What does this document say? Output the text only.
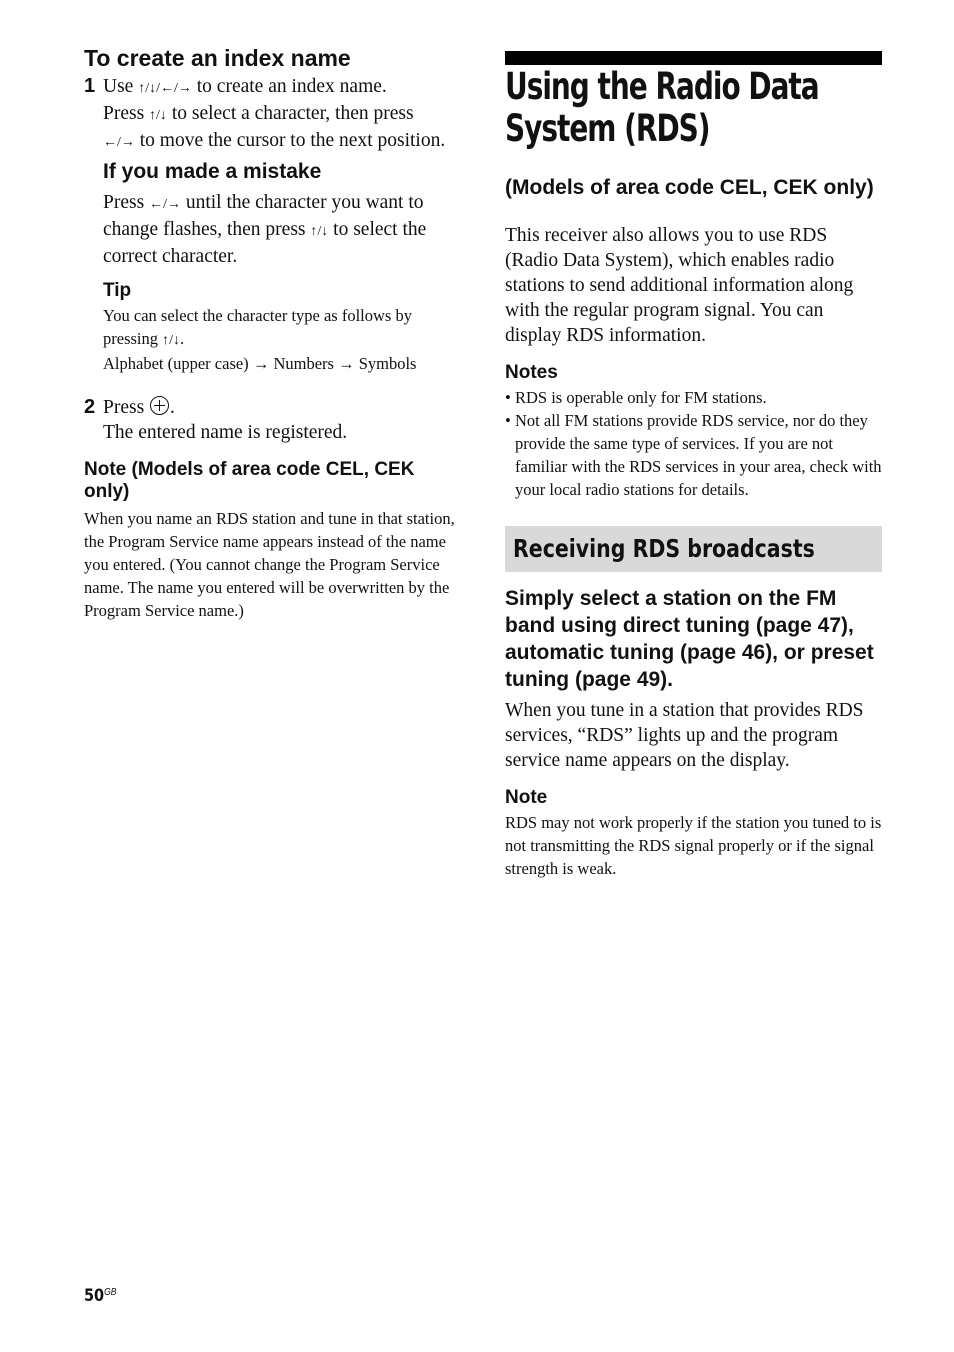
To create an index name
1 Use ↑/↓/←/→ to create an index name.
Press ↑/↓ to select a character, then press
←/→ to move the cursor to the next position.

If you made a mistake

Press ←/→ until the character you want to change flashes, then press ↑/↓ to select the correct character.

Tip

You can select the character type as follows by pressing ↑/↓.
Alphabet (upper case) → Numbers → Symbols

2 Press .
The entered name is registered.

Note (Models of area code CEL, CEK only)

When you name an RDS station and tune in that station, the Program Service name appears instead of the name you entered. (You cannot change the Program Service name. The name you entered will be overwritten by the Program Service name.)

Using the Radio Data System (RDS)
(Models of area code CEL, CEK only)

This receiver also allows you to use RDS (Radio Data System), which enables radio stations to send additional information along with the regular program signal. You can display RDS information.

Notes
• RDS is operable only for FM stations.
• Not all FM stations provide RDS service, nor do they provide the same type of services. If you are not familiar with the RDS services in your area, check with your local radio stations for details.
Receiving RDS broadcasts
Simply select a station on the FM band using direct tuning (page 47), automatic tuning (page 46), or preset tuning (page 49).

When you tune in a station that provides RDS services, “RDS” lights up and the program service name appears on the display.

Note

RDS may not work properly if the station you tuned to is not transmitting the RDS signal properly or if the signal strength is weak.

$50^{GB}$
